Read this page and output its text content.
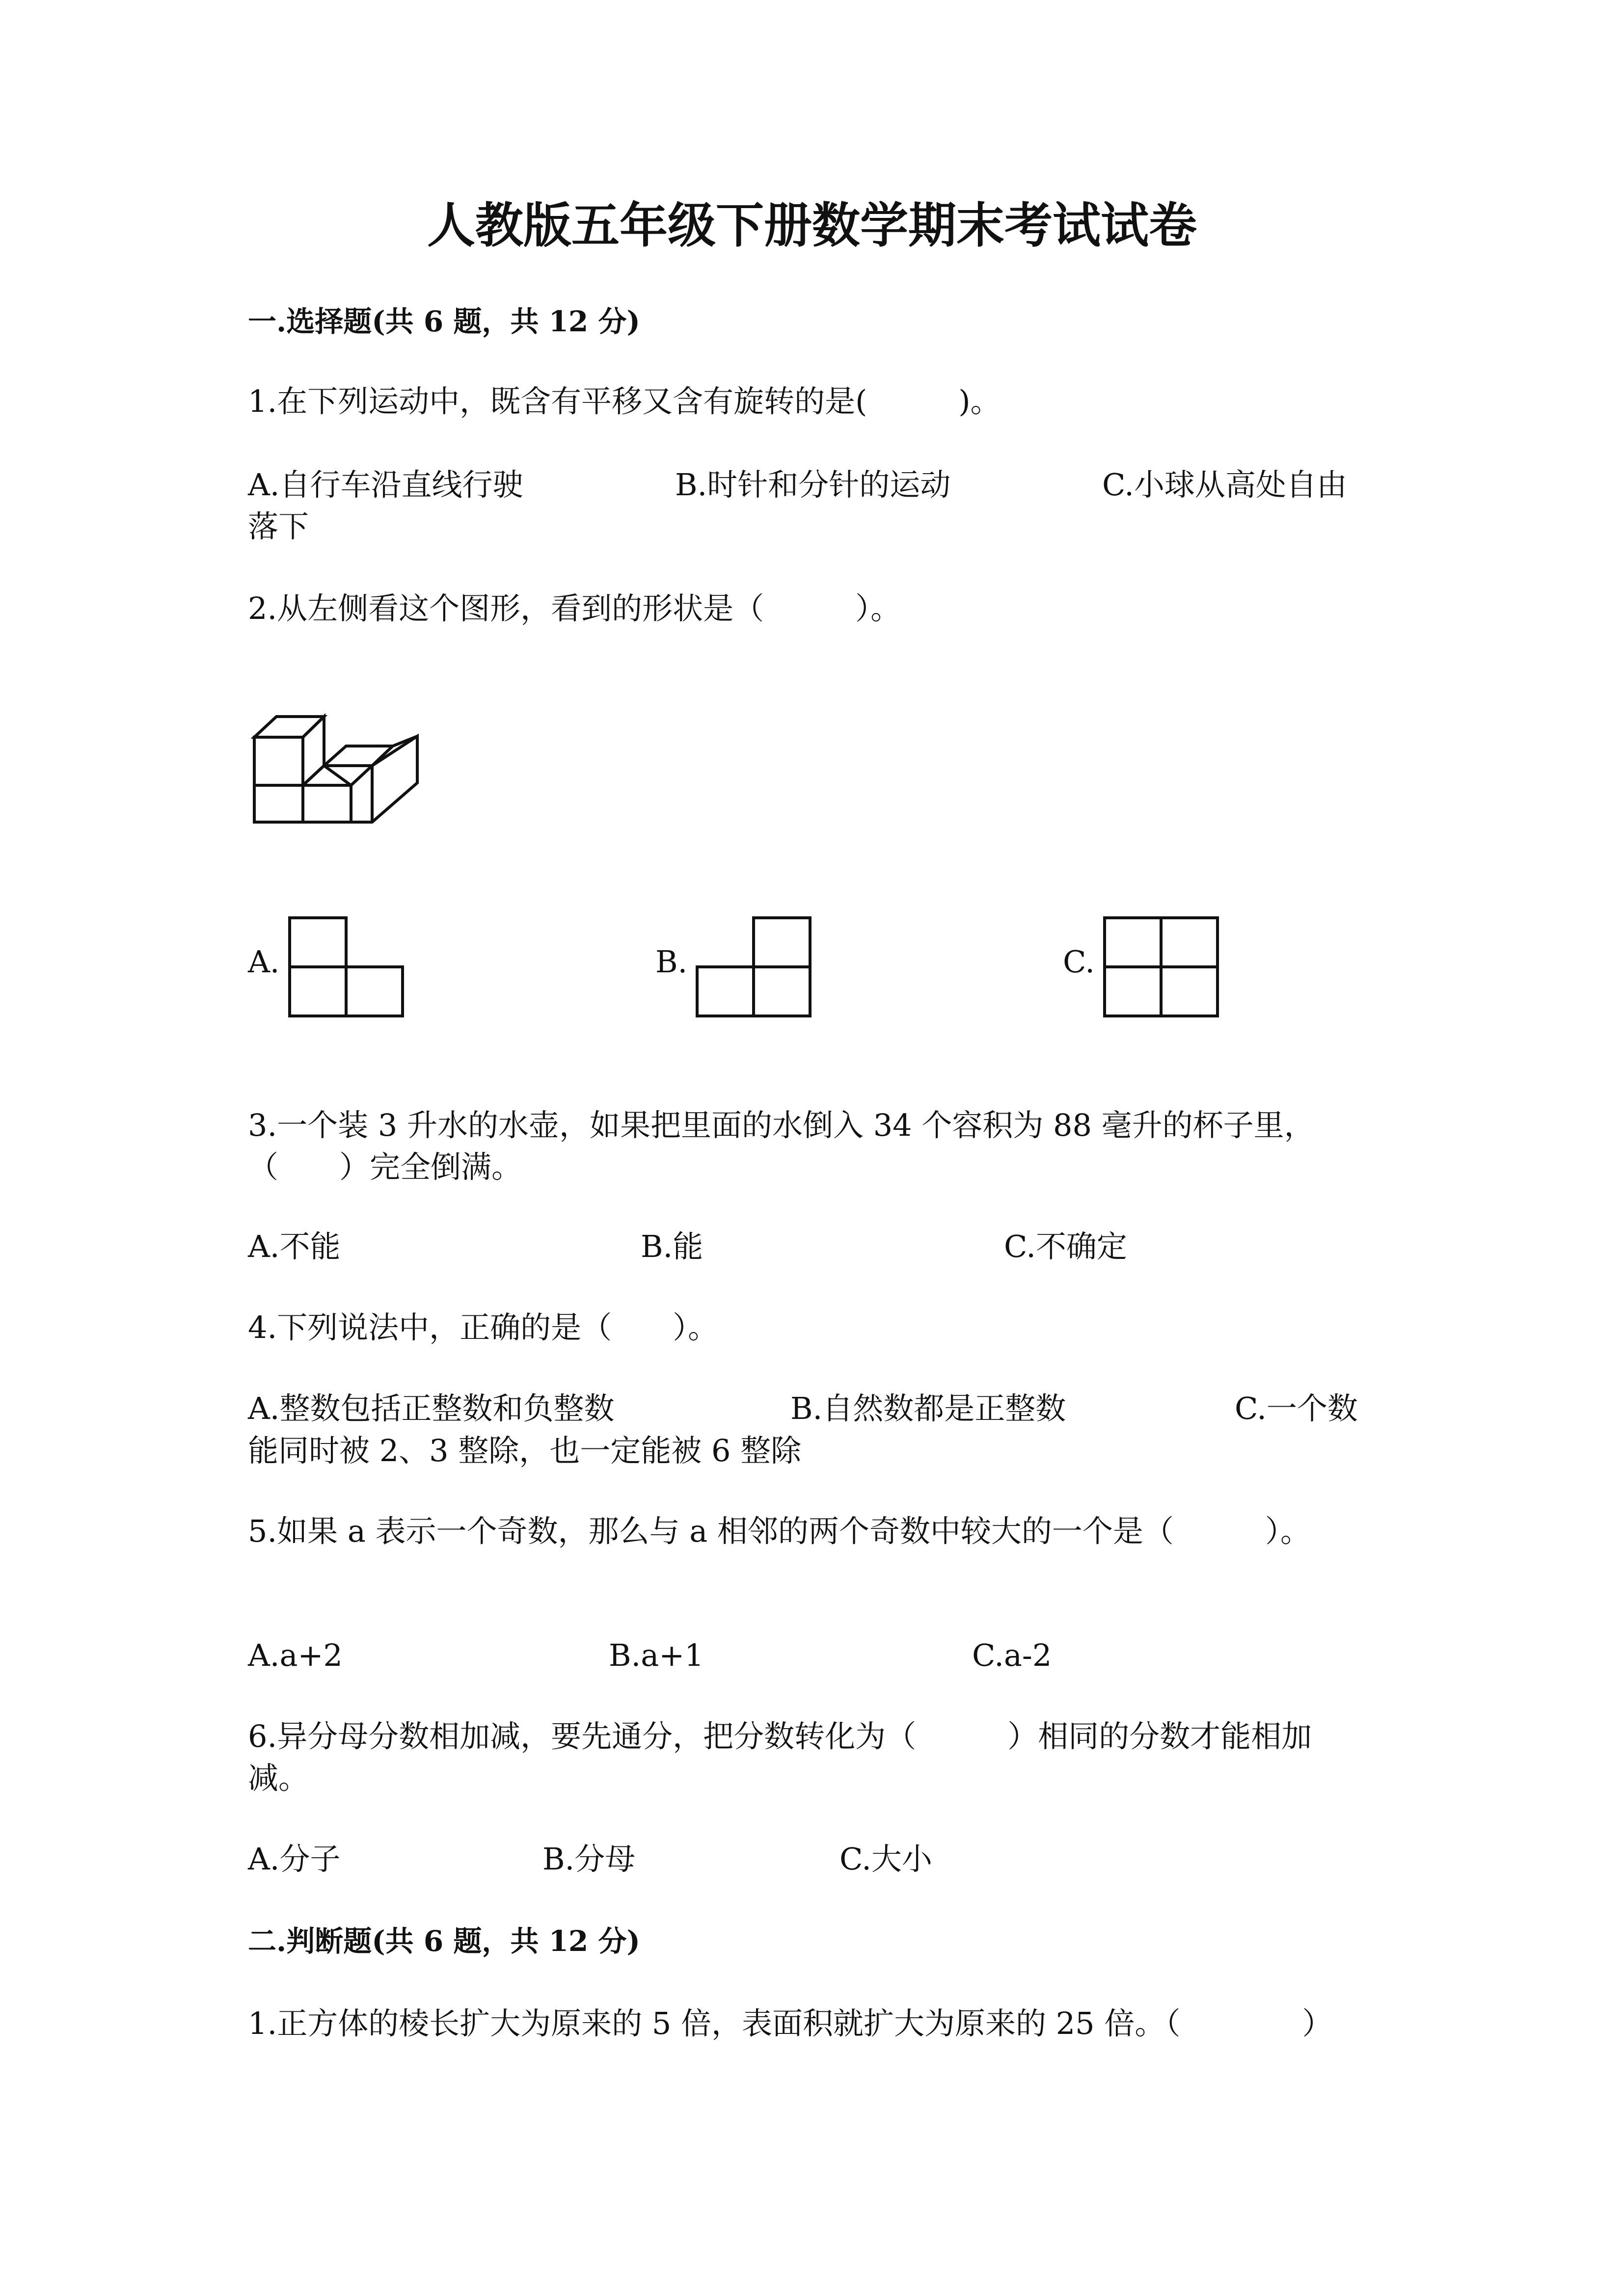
人教版五年级下册数学期末考试试卷
一.选择题(共 6 题，共 12 分)
1.在下列运动中，既含有平移又含有旋转的是(　　　)。
A.自行车沿直线行驶	B.时针和分针的运动	C.小球从高处自由
落下
2.从左侧看这个图形，看到的形状是（　　　）。
A.	B.	C.
3.一个装 3 升水的水壶，如果把里面的水倒入 34 个容积为 88 毫升的杯子里，
（　　）完全倒满。
A.不能	B.能	C.不确定
4.下列说法中，正确的是（　　）。
A.整数包括正整数和负整数	B.自然数都是正整数	C.一个数
能同时被 2、3 整除，也一定能被 6 整除
5.如果 a 表示一个奇数，那么与 a 相邻的两个奇数中较大的一个是（　　　）。
A.a+2	B.a+1	C.a-2
6.异分母分数相加减，要先通分，把分数转化为（　　　）相同的分数才能相加
减。
A.分子	B.分母	C.大小
二.判断题(共 6 题，共 12 分)
1.正方体的棱长扩大为原来的 5 倍，表面积就扩大为原来的 25 倍。（　　　　）
